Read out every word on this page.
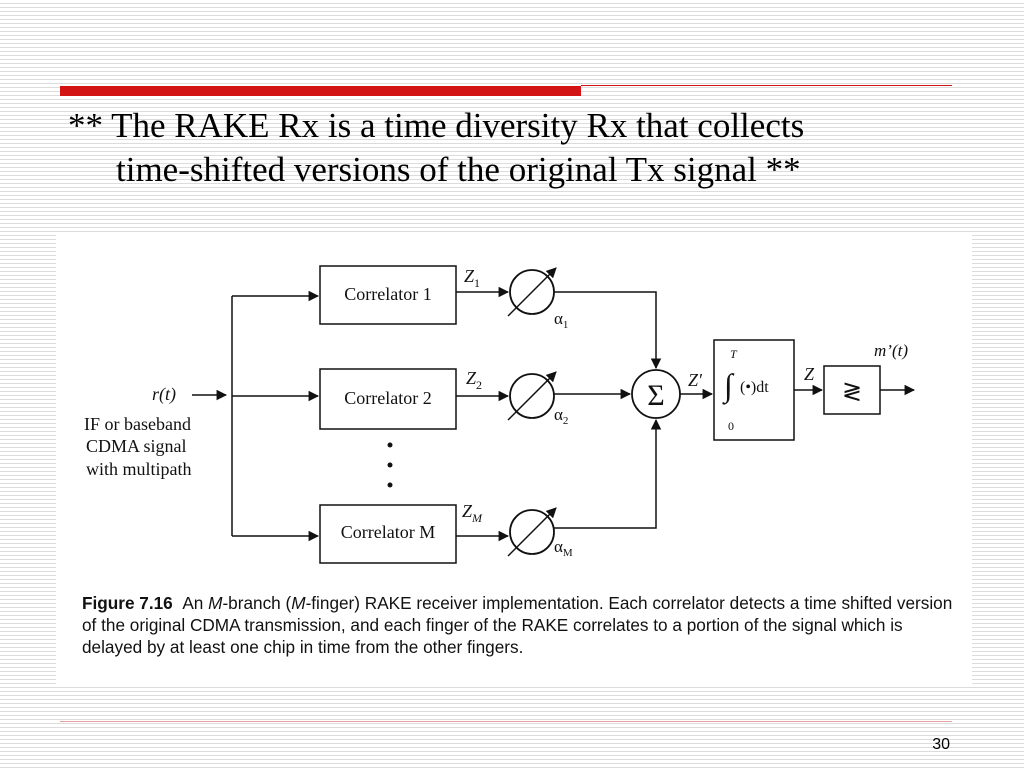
** The RAKE Rx is a time diversity Rx that collects
time-shifted versions of the original Tx signal **
r(t)
IF or baseband
CDMA signal
with multipath
Correlator 1
Correlator 2
Correlator M
$Z_1$
$Z_2$
$Z_M$
$\alpha_1$
$\alpha_2$
$\alpha_M$
Σ Z′
T
∫ (•)dt
0
Z
≷
m’(t)
Figure 7.16 An M-branch (M-finger) RAKE receiver implementation. Each correlator detects a time shifted version of the original CDMA transmission, and each finger of the RAKE correlates to a portion of the signal which is delayed by at least one chip in time from the other fingers.
30
